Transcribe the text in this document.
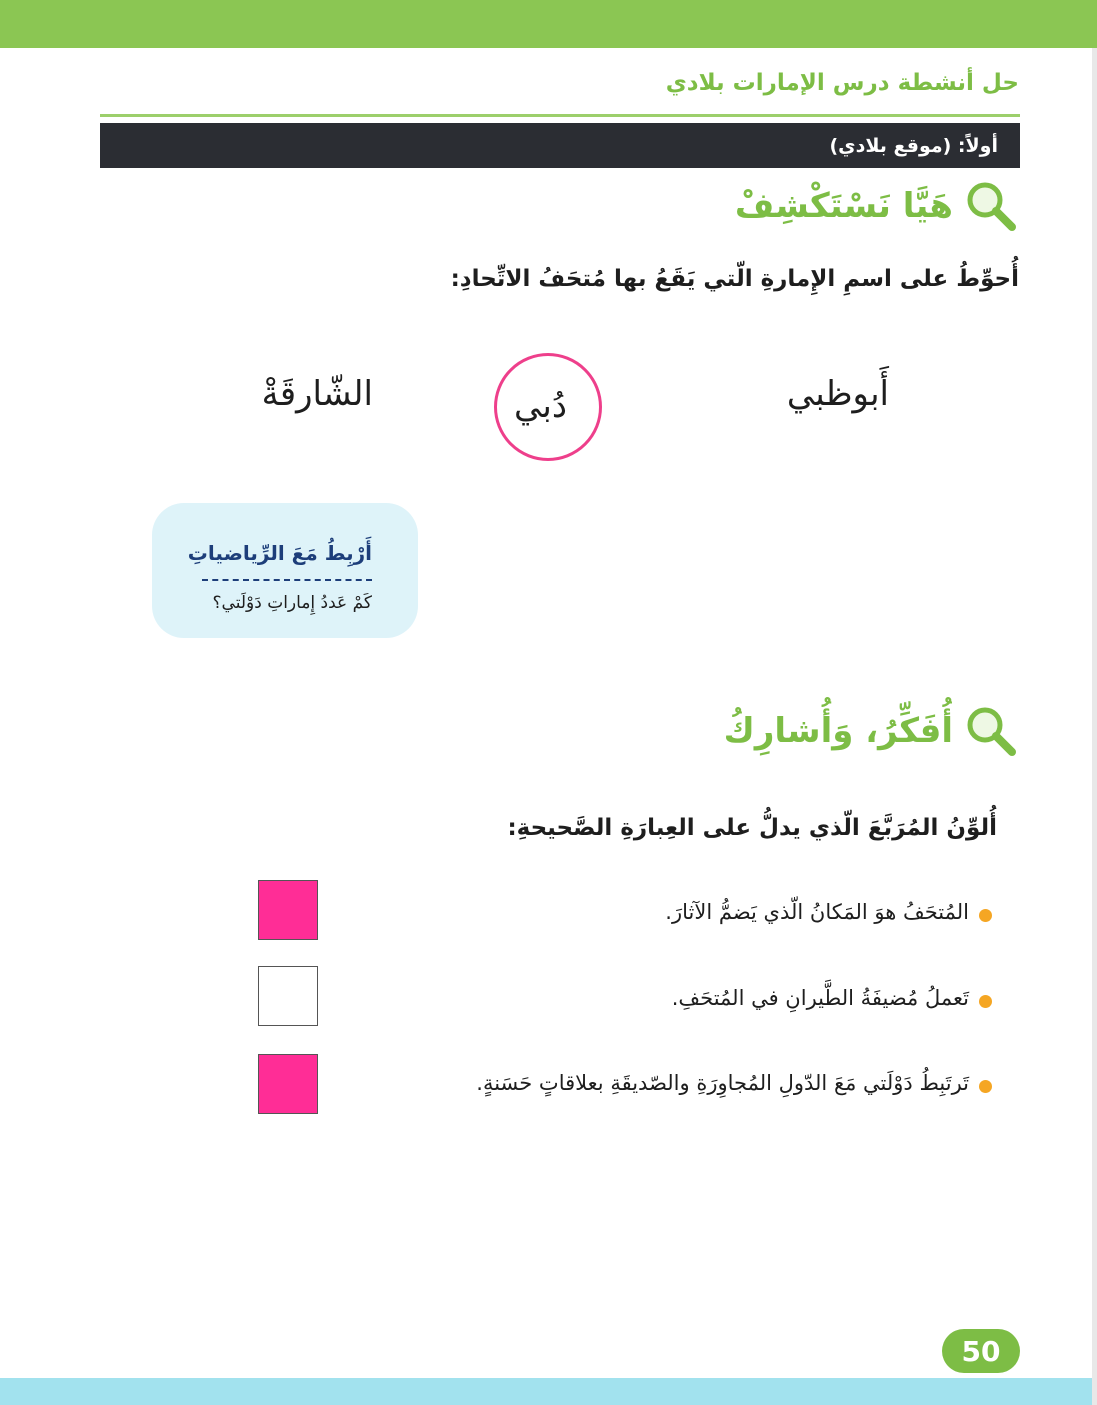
حل أنشطة درس الإمارات بلادي
أولاً: (موقع بلادي)
هَيَّا نَسْتَكْشِفْ
أُحوِّطُ على اسمِ الإِمارةِ الّتي يَقَعُ بها مُتحَفُ الاتِّحادِ:
أَبوظبي
دُبي
الشّارقَةْ
أَرْبِطُ مَعَ الرِّياضياتِ
كَمْ عَددُ إِماراتِ دَوْلَتي؟
أُفَكِّرُ، وَأُشارِكُ
أُلوِّنُ المُرَبَّعَ الّذي يدلُّ على العِبارَةِ الصَّحيحةِ:
المُتحَفُ هوَ المَكانُ الّذي يَضمُّ الآثارَ.
تَعملُ مُضيفَةُ الطَّيرانِ في المُتحَفِ.
تَرتَبِطُ دَوْلَتي مَعَ الدّولِ المُجاوِرَةِ والصّديقَةِ بعلاقاتٍ حَسَنةٍ.
50
